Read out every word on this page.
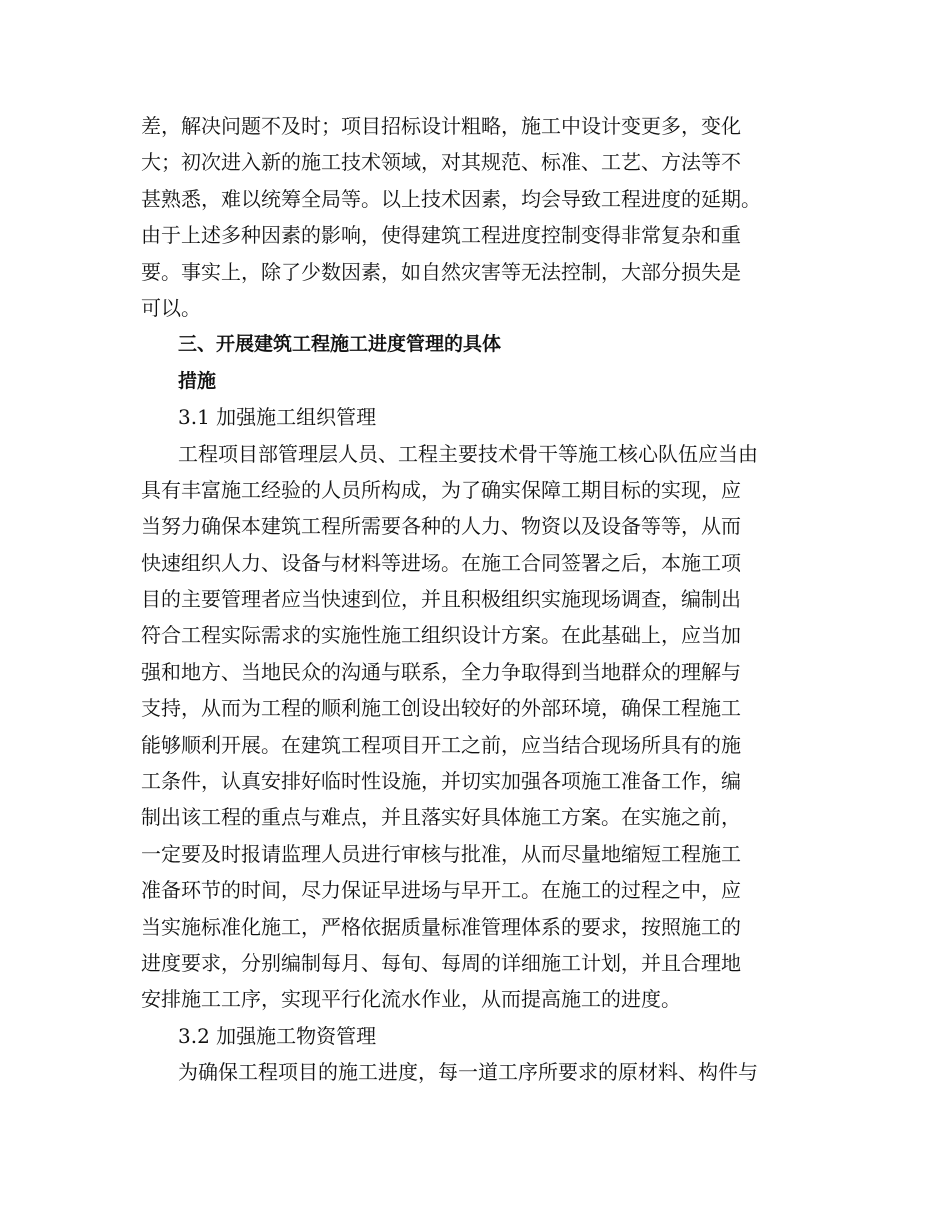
差，解决问题不及时；项目招标设计粗略，施工中设计变更多，变化
大；初次进入新的施工技术领域，对其规范、标准、工艺、方法等不
甚熟悉，难以统筹全局等。以上技术因素，均会导致工程进度的延期。
由于上述多种因素的影响，使得建筑工程进度控制变得非常复杂和重
要。事实上，除了少数因素，如自然灾害等无法控制，大部分损失是
可以。
三、开展建筑工程施工进度管理的具体
措施
3.1 加强施工组织管理
工程项目部管理层人员、工程主要技术骨干等施工核心队伍应当由
具有丰富施工经验的人员所构成，为了确实保障工期目标的实现，应
当努力确保本建筑工程所需要各种的人力、物资以及设备等等，从而
快速组织人力、设备与材料等进场。在施工合同签署之后，本施工项
目的主要管理者应当快速到位，并且积极组织实施现场调查，编制出
符合工程实际需求的实施性施工组织设计方案。在此基础上，应当加
强和地方、当地民众的沟通与联系，全力争取得到当地群众的理解与
支持，从而为工程的顺利施工创设出较好的外部环境，确保工程施工
能够顺利开展。在建筑工程项目开工之前，应当结合现场所具有的施
工条件，认真安排好临时性设施，并切实加强各项施工准备工作，编
制出该工程的重点与难点，并且落实好具体施工方案。在实施之前，
一定要及时报请监理人员进行审核与批准，从而尽量地缩短工程施工
准备环节的时间，尽力保证早进场与早开工。在施工的过程之中，应
当实施标准化施工，严格依据质量标准管理体系的要求，按照施工的
进度要求，分别编制每月、每旬、每周的详细施工计划，并且合理地
安排施工工序，实现平行化流水作业，从而提高施工的进度。
3.2 加强施工物资管理
为确保工程项目的施工进度，每一道工序所要求的原材料、构件与
